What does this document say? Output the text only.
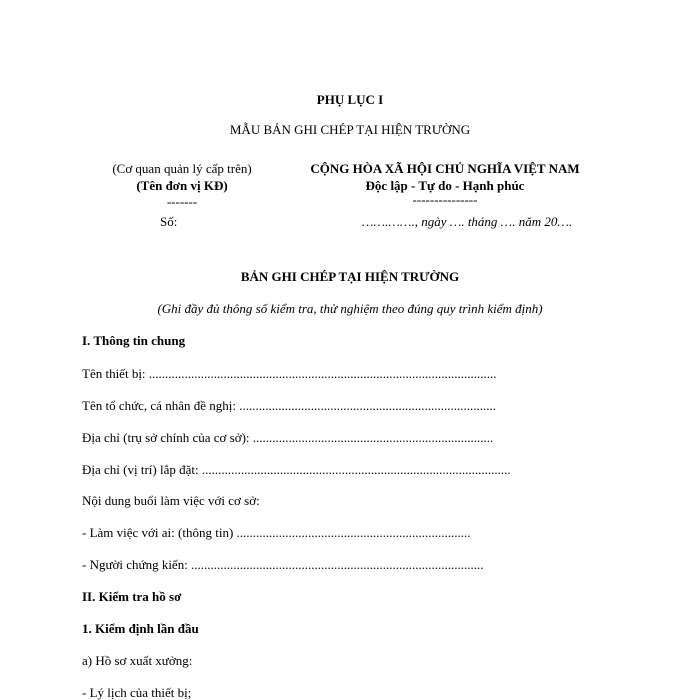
PHỤ LỤC I
MẪU BẢN GHI CHÉP TẠI HIỆN TRƯỜNG
(Cơ quan quản lý cấp trên)
(Tên đơn vị KĐ)
-------
Số:
CỘNG HÒA XÃ HỘI CHỦ NGHĨA VIỆT NAM
Độc lập - Tự do - Hạnh phúc
---------------
…….……., ngày …. tháng …. năm 20….
BẢN GHI CHÉP TẠI HIỆN TRƯỜNG
(Ghi đầy đủ thông số kiểm tra, thử nghiệm theo đúng quy trình kiểm định)
I. Thông tin chung
Tên thiết bị: ...........................................................................................................
Tên tổ chức, cá nhân đề nghị: ...............................................................................
Địa chỉ (trụ sở chính của cơ sở): ..........................................................................
Địa chỉ (vị trí) lắp đặt: ...............................................................................................
Nội dung buổi làm việc với cơ sở:
- Làm việc với ai: (thông tin) ........................................................................
- Người chứng kiến: ..........................................................................................
II. Kiểm tra hồ sơ
1. Kiểm định lần đầu
a) Hồ sơ xuất xưởng:
- Lý lịch của thiết bị;
